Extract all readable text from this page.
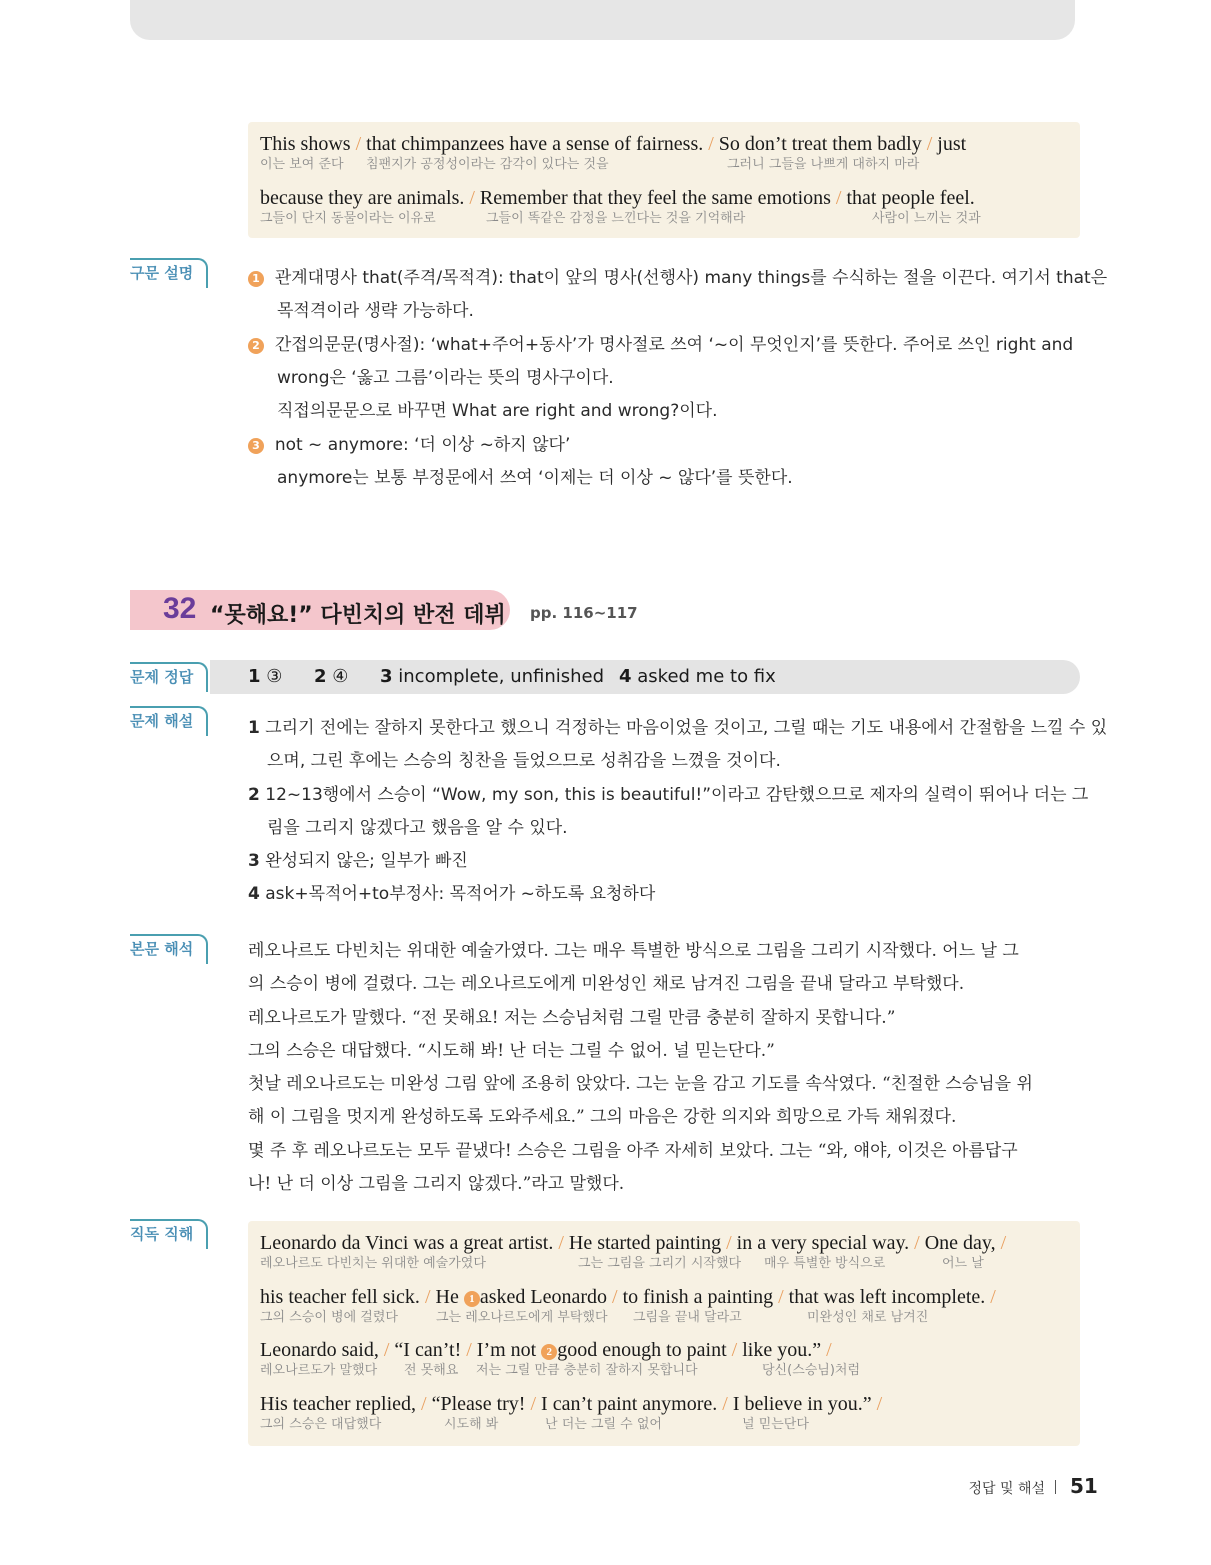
This shows / that chimpanzees have a sense of fairness. / So don’t treat them badly / just
이는 보여 준다 침팬지가 공정성이라는 감각이 있다는 것을	그러니 그들을 나쁘게 대하지 마라
because they are animals. / Remember that they feel the same emotions / that people feel.
그들이 단지 동물이라는 이유로	그들이 똑같은 감정을 느낀다는 것을 기억해라	사람이 느끼는 것과
구문 설명	1 관계대명사 that(주격/목적격): that이 앞의 명사(선행사) many things를 수식하는 절을 이끈다. 여기서 that은
목적격이라 생략 가능하다.
2 간접의문문(명사절): ‘what+주어+동사’가 명사절로 쓰여 ‘~이 무엇인지’를 뜻한다. 주어로 쓰인 right and
wrong은 ‘옳고 그름’이라는 뜻의 명사구이다.
직접의문문으로 바꾸면 What are right and wrong?이다.
3 not ~ anymore: ‘더 이상 ~하지 않다’
anymore는 보통 부정문에서 쓰여 ‘이제는 더 이상 ~ 않다’를 뜻한다.
32 “못해요!” 다빈치의 반전 데뷔 pp. 116~117
문제 정답	1 ③ 2 ④ 3 incomplete, unfinished 4 asked me to fix
문제 해설	1 그리기 전에는 잘하지 못한다고 했으니 걱정하는 마음이었을 것이고, 그릴 때는 기도 내용에서 간절함을 느낄 수 있
으며, 그린 후에는 스승의 칭찬을 들었으므로 성취감을 느꼈을 것이다.
2 12~13행에서 스승이 “Wow, my son, this is beautiful!”이라고 감탄했으므로 제자의 실력이 뛰어나 더는 그
림을 그리지 않겠다고 했음을 알 수 있다.
3 완성되지 않은; 일부가 빠진
4 ask+목적어+to부정사: 목적어가 ~하도록 요청하다
본문 해석	레오나르도 다빈치는 위대한 예술가였다. 그는 매우 특별한 방식으로 그림을 그리기 시작했다. 어느 날 그
의 스승이 병에 걸렸다. 그는 레오나르도에게 미완성인 채로 남겨진 그림을 끝내 달라고 부탁했다.
레오나르도가 말했다. “전 못해요! 저는 스승님처럼 그릴 만큼 충분히 잘하지 못합니다.”
그의 스승은 대답했다. “시도해 봐! 난 더는 그릴 수 없어. 널 믿는단다.”
첫날 레오나르도는 미완성 그림 앞에 조용히 앉았다. 그는 눈을 감고 기도를 속삭였다. “친절한 스승님을 위
해 이 그림을 멋지게 완성하도록 도와주세요.” 그의 마음은 강한 의지와 희망으로 가득 채워졌다.
몇 주 후 레오나르도는 모두 끝냈다! 스승은 그림을 아주 자세히 보았다. 그는 “와, 얘야, 이것은 아름답구
나! 난 더 이상 그림을 그리지 않겠다.”라고 말했다.
직독 직해	Leonardo da Vinci was a great artist. / He started painting / in a very special way. / One day, /
레오나르도 다빈치는 위대한 예술가였다	그는 그림을 그리기 시작했다 매우 특별한 방식으로	어느 날
his teacher fell sick. / He 1 asked Leonardo / to finish a painting / that was left incomplete. /
그의 스승이 병에 걸렸다	그는 레오나르도에게 부탁했다 그림을 끝내 달라고	미완성인 채로 남겨진
Leonardo said, / “I can’t! / I’m not 2 good enough to paint / like you.” /
레오나르도가 말했다 전 못해요 저는 그릴 만큼 충분히 잘하지 못합니다	당신(스승님)처럼
His teacher replied, / “Please try! / I can’t paint anymore. / I believe in you.” /
그의 스승은 대답했다	시도해 봐	난 더는 그릴 수 없어	널 믿는단다
정답 및 해설 51
